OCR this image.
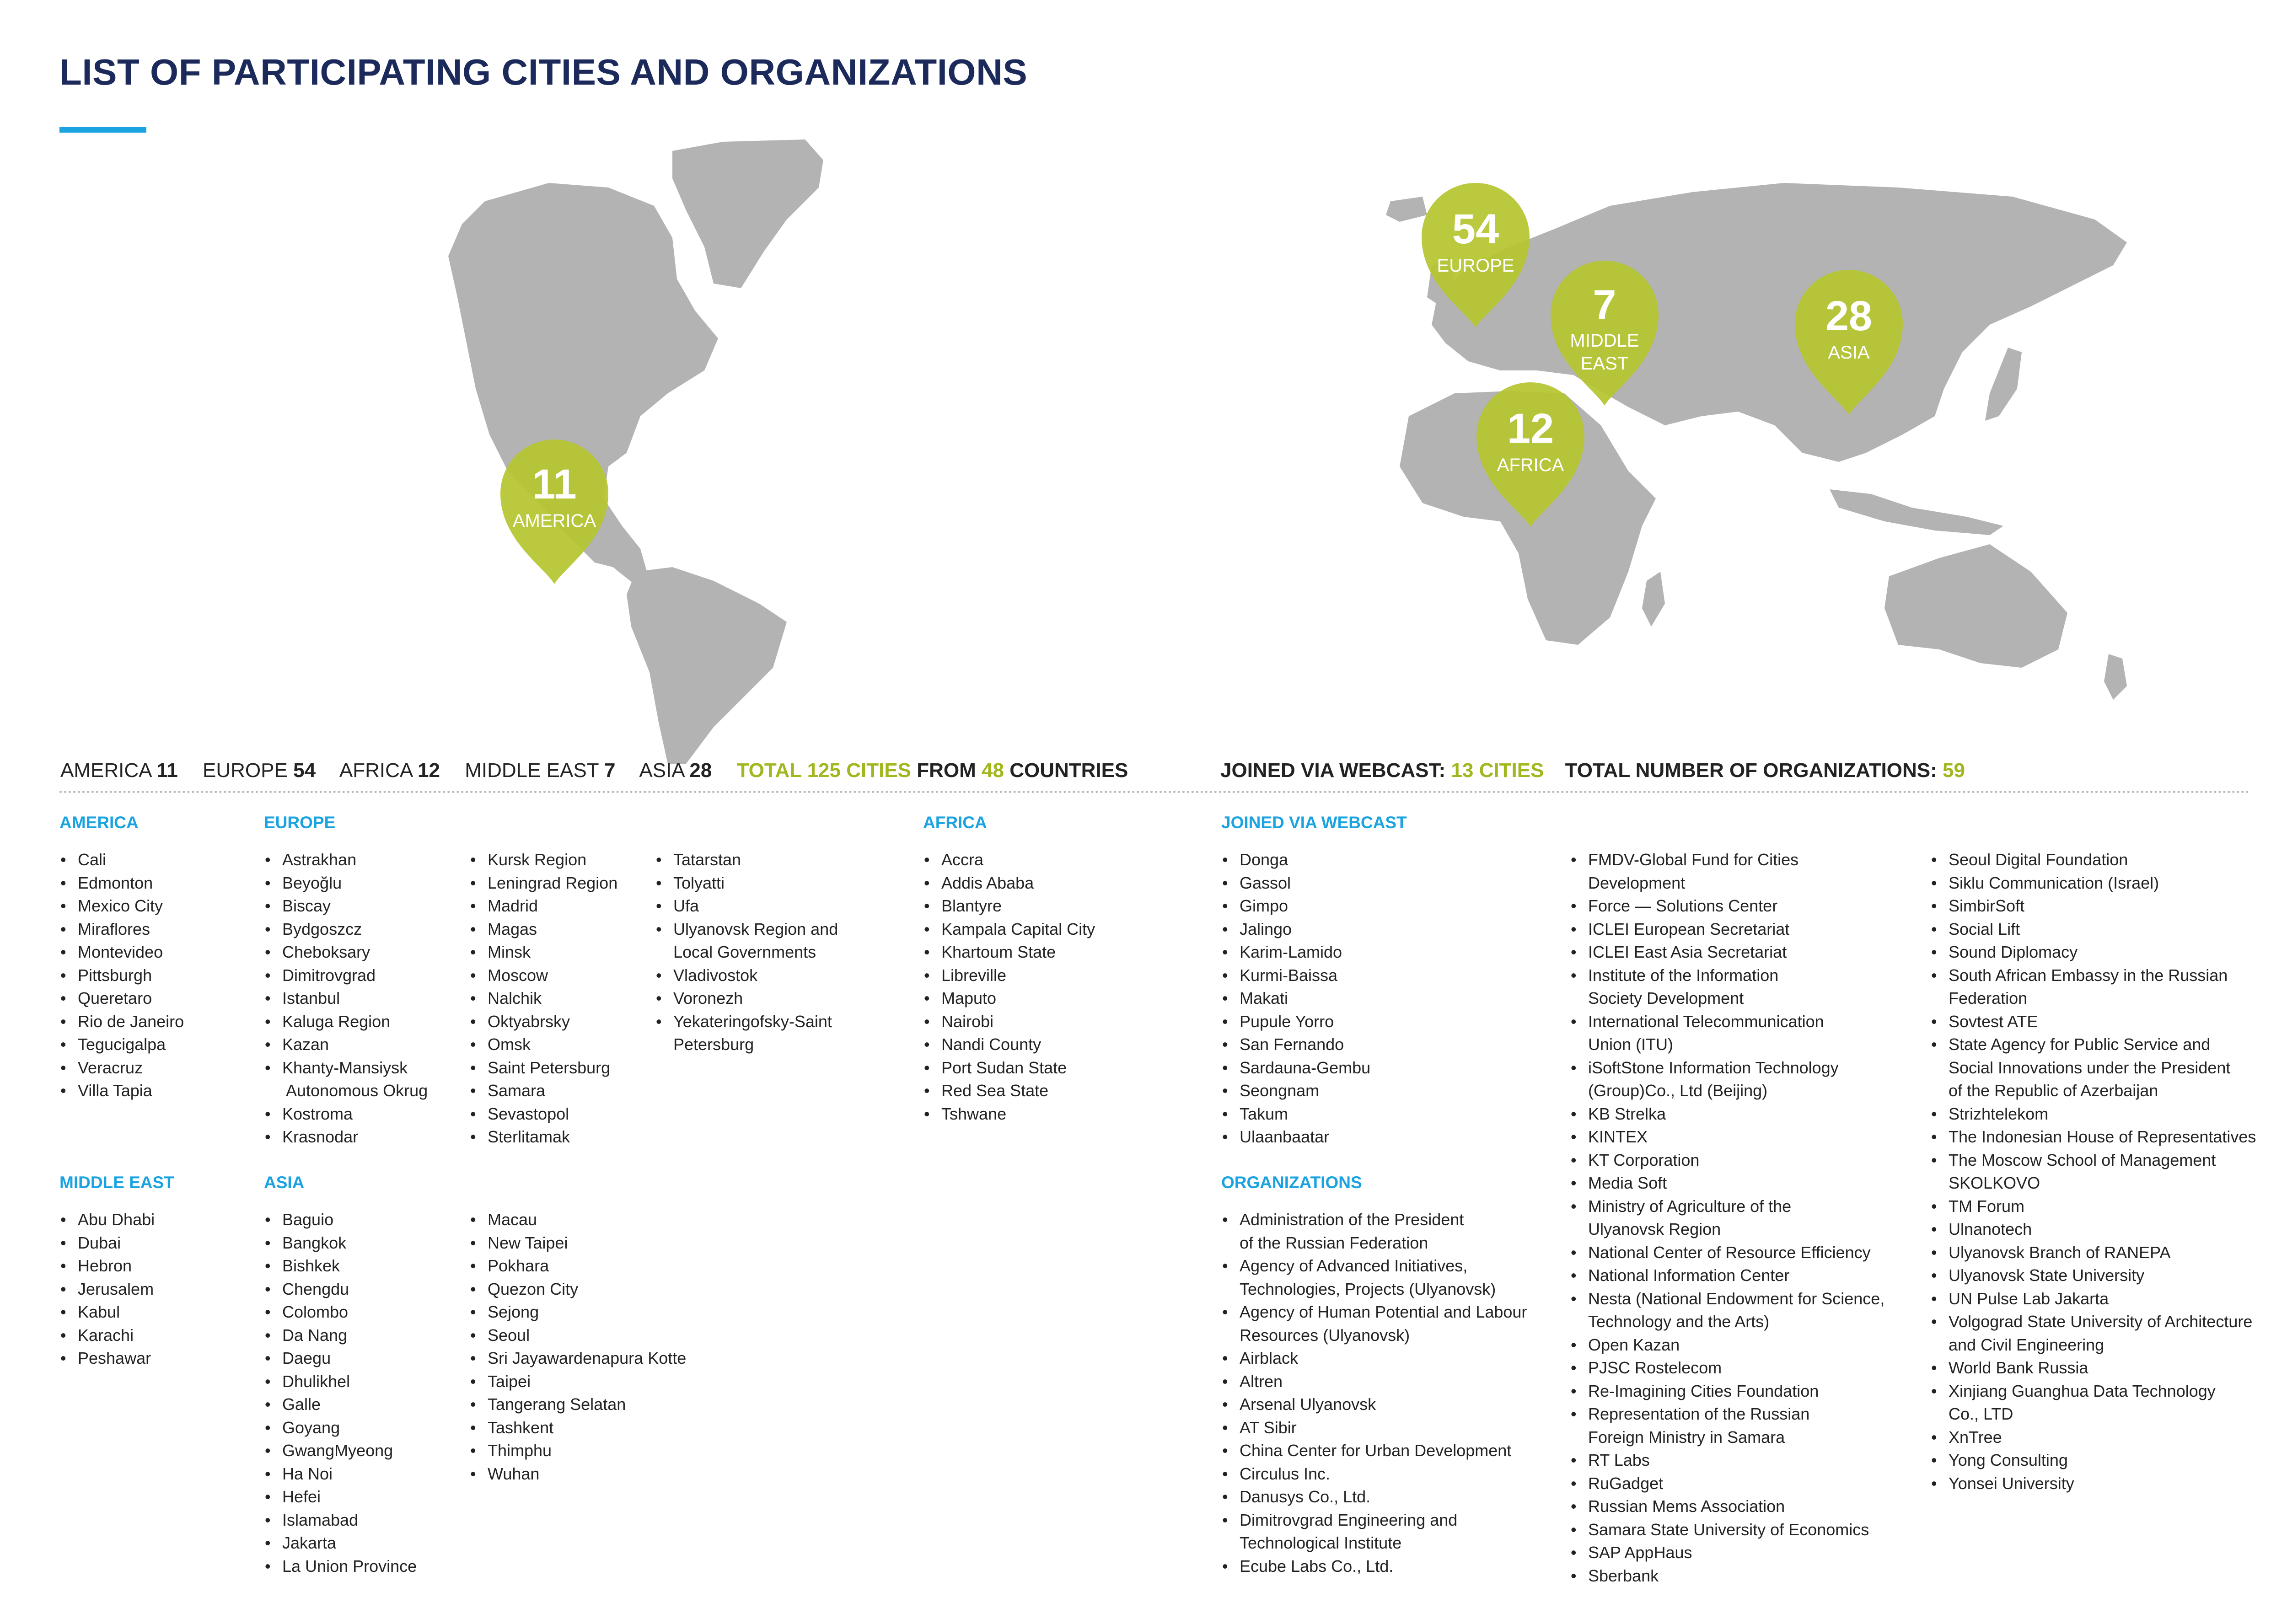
LIST OF PARTICIPATING CITIES AND ORGANIZATIONS
11
AMERICA
54
EUROPE
7
MIDDLE
EAST
28
ASIA
12
AFRICA
AMERICA 11 EUROPE 54 AFRICA 12 MIDDLE EAST 7 ASIA 28 TOTAL 125 CITIES FROM 48 COUNTRIES	JOINED VIA WEBCAST: 13 CITIES TOTAL NUMBER OF ORGANIZATIONS: 59
AMERICA	EUROPE	AFRICA	JOINED VIA WEBCAST
MIDDLE EAST	ASIA	ORGANIZATIONS
• Cali
• Edmonton
• Mexico City
• Miraflores
• Montevideo
• Pittsburgh
• Queretaro
• Rio de Janeiro
• Tegucigalpa
• Veracruz
• Villa Tapia
• Astrakhan
• Beyoğlu
• Biscay
• Bydgoszcz
• Cheboksary
• Dimitrovgrad
• Istanbul
• Kaluga Region
• Kazan
• Khanty-Mansiysk
Autonomous Okrug
• Kostroma
• Krasnodar
• Kursk Region
• Leningrad Region
• Madrid
• Magas
• Minsk
• Moscow
• Nalchik
• Oktyabrsky
• Omsk
• Saint Petersburg
• Samara
• Sevastopol
• Sterlitamak
• Tatarstan
• Tolyatti
• Ufa
• Ulyanovsk Region and
Local Governments
• Vladivostok
• Voronezh
• Yekateringofsky-Saint
Petersburg
• Accra
• Addis Ababa
• Blantyre
• Kampala Capital City
• Khartoum State
• Libreville
• Maputo
• Nairobi
• Nandi County
• Port Sudan State
• Red Sea State
• Tshwane
• Donga
• Gassol
• Gimpo
• Jalingo
• Karim-Lamido
• Kurmi-Baissa
• Makati
• Pupule Yorro
• San Fernando
• Sardauna-Gembu
• Seongnam
• Takum
• Ulaanbaatar
• Abu Dhabi
• Dubai
• Hebron
• Jerusalem
• Kabul
• Karachi
• Peshawar
• Baguio
• Bangkok
• Bishkek
• Chengdu
• Colombo
• Da Nang
• Daegu
• Dhulikhel
• Galle
• Goyang
• GwangMyeong
• Ha Noi
• Hefei
• Islamabad
• Jakarta
• La Union Province
• Macau
• New Taipei
• Pokhara
• Quezon City
• Sejong
• Seoul
• Sri Jayawardenapura Kotte
• Taipei
• Tangerang Selatan
• Tashkent
• Thimphu
• Wuhan
• Administration of the President
of the Russian Federation
• Agency of Advanced Initiatives,
Technologies, Projects (Ulyanovsk)
• Agency of Human Potential and Labour
Resources (Ulyanovsk)
• Airblack
• Altren
• Arsenal Ulyanovsk
• AT Sibir
• China Center for Urban Development
• Circulus Inc.
• Danusys Co., Ltd.
• Dimitrovgrad Engineering and
Technological Institute
• Ecube Labs Co., Ltd.
• FMDV-Global Fund for Cities
Development
• Force — Solutions Center
• ICLEI European Secretariat
• ICLEI East Asia Secretariat
• Institute of the Information
Society Development
• International Telecommunication
Union (ITU)
• iSoftStone Information Technology
(Group)Co., Ltd (Beijing)
• KB Strelka
• KINTEX
• KT Corporation
• Media Soft
• Ministry of Agriculture of the
Ulyanovsk Region
• National Center of Resource Efficiency
• National Information Center
• Nesta (National Endowment for Science,
Technology and the Arts)
• Open Kazan
• PJSC Rostelecom
• Re-Imagining Cities Foundation
• Representation of the Russian
Foreign Ministry in Samara
• RT Labs
• RuGadget
• Russian Mems Association
• Samara State University of Economics
• SAP AppHaus
• Sberbank
• Seoul Digital Foundation
• Siklu Communication (Israel)
• SimbirSoft
• Social Lift
• Sound Diplomacy
• South African Embassy in the Russian
Federation
• Sovtest ATE
• State Agency for Public Service and
Social Innovations under the President
of the Republic of Azerbaijan
• Strizhtelekom
• The Indonesian House of Representatives
• The Moscow School of Management
SKOLKOVO
• TM Forum
• Ulnanotech
• Ulyanovsk Branch of RANEPA
• Ulyanovsk State University
• UN Pulse Lab Jakarta
• Volgograd State University of Architecture
and Civil Engineering
• World Bank Russia
• Xinjiang Guanghua Data Technology
Co., LTD
• XnTree
• Yong Consulting
• Yonsei University
